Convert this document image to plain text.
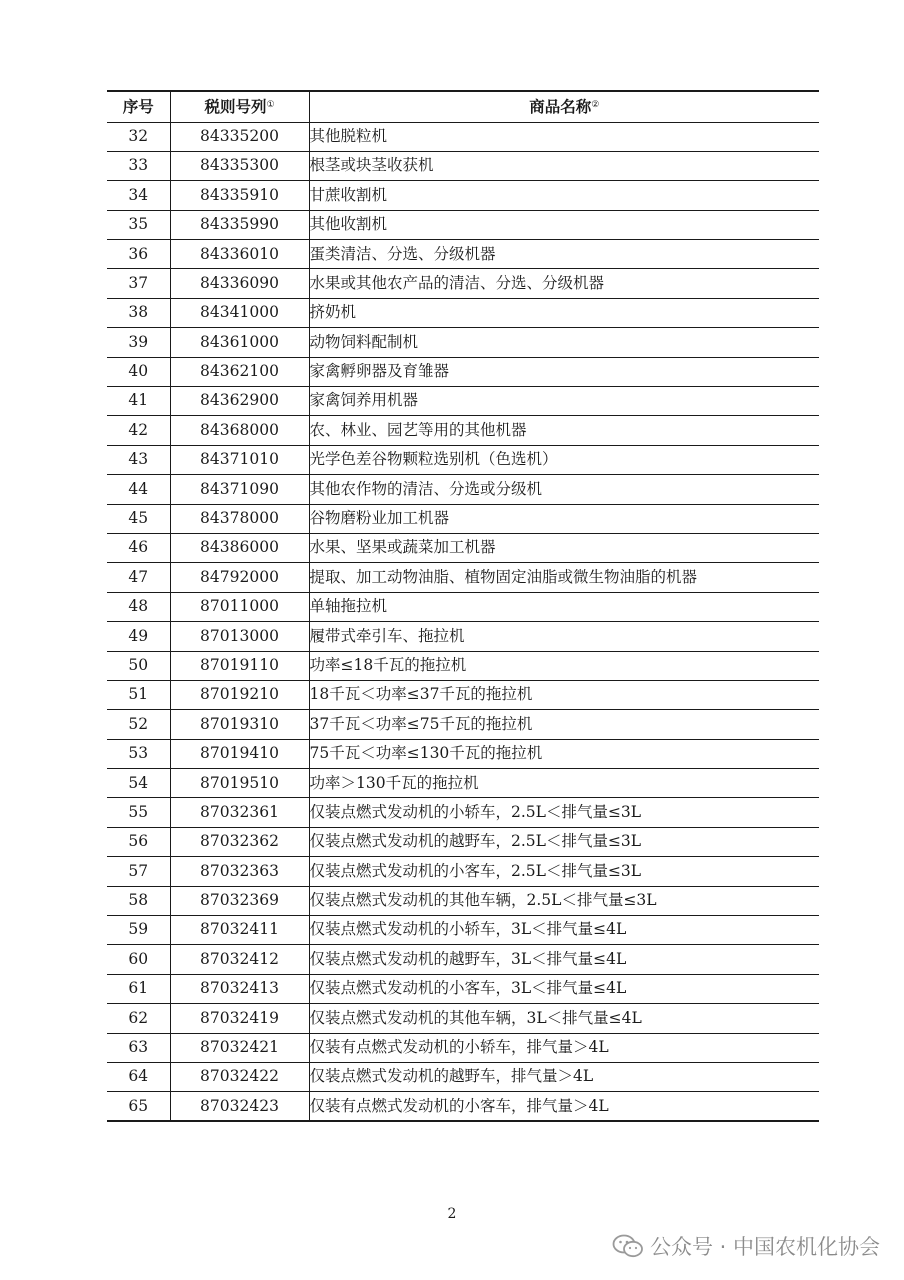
序号	税则号列①	商品名称②
32	84335200	其他脱粒机
33	84335300	根茎或块茎收获机
34	84335910	甘蔗收割机
35	84335990	其他收割机
36	84336010	蛋类清洁、分选、分级机器
37	84336090	水果或其他农产品的清洁、分选、分级机器
38	84341000	挤奶机
39	84361000	动物饲料配制机
40	84362100	家禽孵卵器及育雏器
41	84362900	家禽饲养用机器
42	84368000	农、林业、园艺等用的其他机器
43	84371010	光学色差谷物颗粒选别机（色选机）
44	84371090	其他农作物的清洁、分选或分级机
45	84378000	谷物磨粉业加工机器
46	84386000	水果、坚果或蔬菜加工机器
47	84792000	提取、加工动物油脂、植物固定油脂或微生物油脂的机器
48	87011000	单轴拖拉机
49	87013000	履带式牵引车、拖拉机
50	87019110	功率≤18千瓦的拖拉机
51	87019210	18千瓦＜功率≤37千瓦的拖拉机
52	87019310	37千瓦＜功率≤75千瓦的拖拉机
53	87019410	75千瓦＜功率≤130千瓦的拖拉机
54	87019510	功率＞130千瓦的拖拉机
55	87032361	仅装点燃式发动机的小轿车，2.5L＜排气量≤3L
56	87032362	仅装点燃式发动机的越野车，2.5L＜排气量≤3L
57	87032363	仅装点燃式发动机的小客车，2.5L＜排气量≤3L
58	87032369	仅装点燃式发动机的其他车辆，2.5L＜排气量≤3L
59	87032411	仅装点燃式发动机的小轿车，3L＜排气量≤4L
60	87032412	仅装点燃式发动机的越野车，3L＜排气量≤4L
61	87032413	仅装点燃式发动机的小客车，3L＜排气量≤4L
62	87032419	仅装点燃式发动机的其他车辆，3L＜排气量≤4L
63	87032421	仅装有点燃式发动机的小轿车，排气量＞4L
64	87032422	仅装点燃式发动机的越野车，排气量＞4L
65	87032423	仅装有点燃式发动机的小客车，排气量＞4L
2
公众号 · 中国农机化协会
